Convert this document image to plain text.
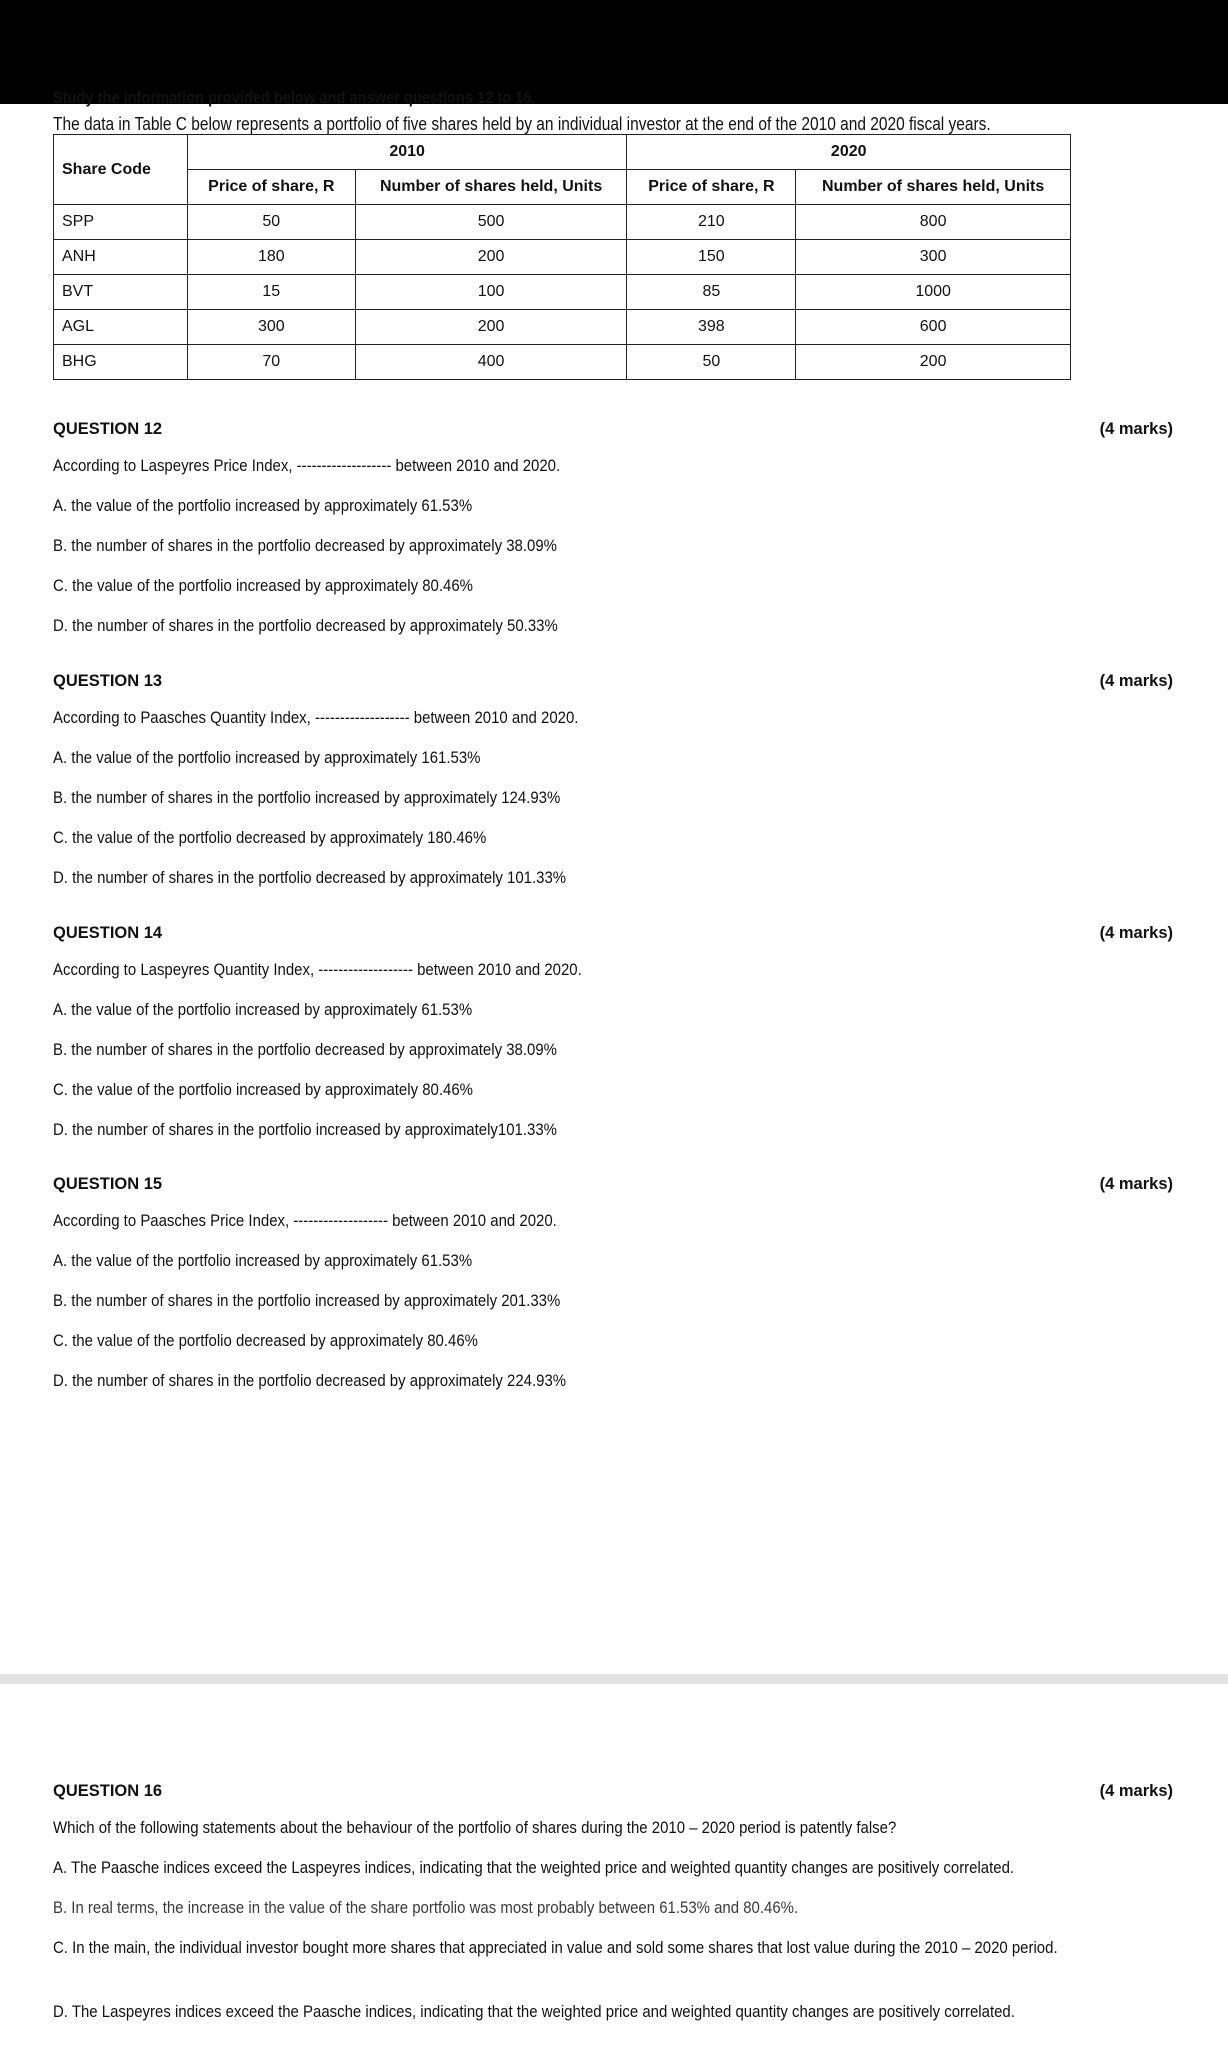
Study the information provided below and answer questions 12 to 16.
The data in Table C below represents a portfolio of five shares held by an individual investor at the end of the 2010 and 2020 fiscal years.
Share Code	2010		2020	
	Price of share, R	Number of shares held, Units	Price of share, R	Number of shares held, Units
SPP	50	500	210	800
ANH	180	200	150	300
BVT	15	100	85	1000
AGL	300	200	398	600
BHG	70	400	50	200
QUESTION 12	(4 marks)
According to Laspeyres Price Index, ------------------- between 2010 and 2020.
A. the value of the portfolio increased by approximately 61.53%
B. the number of shares in the portfolio decreased by approximately 38.09%
C. the value of the portfolio increased by approximately 80.46%
D. the number of shares in the portfolio decreased by approximately 50.33%
QUESTION 13	(4 marks)
According to Paasches Quantity Index, ------------------- between 2010 and 2020.
A. the value of the portfolio increased by approximately 161.53%
B. the number of shares in the portfolio increased by approximately 124.93%
C. the value of the portfolio decreased by approximately 180.46%
D. the number of shares in the portfolio decreased by approximately 101.33%
QUESTION 14	(4 marks)
According to Laspeyres Quantity Index, ------------------- between 2010 and 2020.
A. the value of the portfolio increased by approximately 61.53%
B. the number of shares in the portfolio decreased by approximately 38.09%
C. the value of the portfolio increased by approximately 80.46%
D. the number of shares in the portfolio increased by approximately101.33%
QUESTION 15	(4 marks)
According to Paasches Price Index, ------------------- between 2010 and 2020.
A. the value of the portfolio increased by approximately 61.53%
B. the number of shares in the portfolio increased by approximately 201.33%
C. the value of the portfolio decreased by approximately 80.46%
D. the number of shares in the portfolio decreased by approximately 224.93%
QUESTION 16	(4 marks)
Which of the following statements about the behaviour of the portfolio of shares during the 2010 – 2020 period is patently false?
A. The Paasche indices exceed the Laspeyres indices, indicating that the weighted price and weighted quantity changes are positively correlated.
B. In real terms, the increase in the value of the share portfolio was most probably between 61.53% and 80.46%.
C. In the main, the individual investor bought more shares that appreciated in value and sold some shares that lost value during the 2010 – 2020 period.
D. The Laspeyres indices exceed the Paasche indices, indicating that the weighted price and weighted quantity changes are positively correlated.
